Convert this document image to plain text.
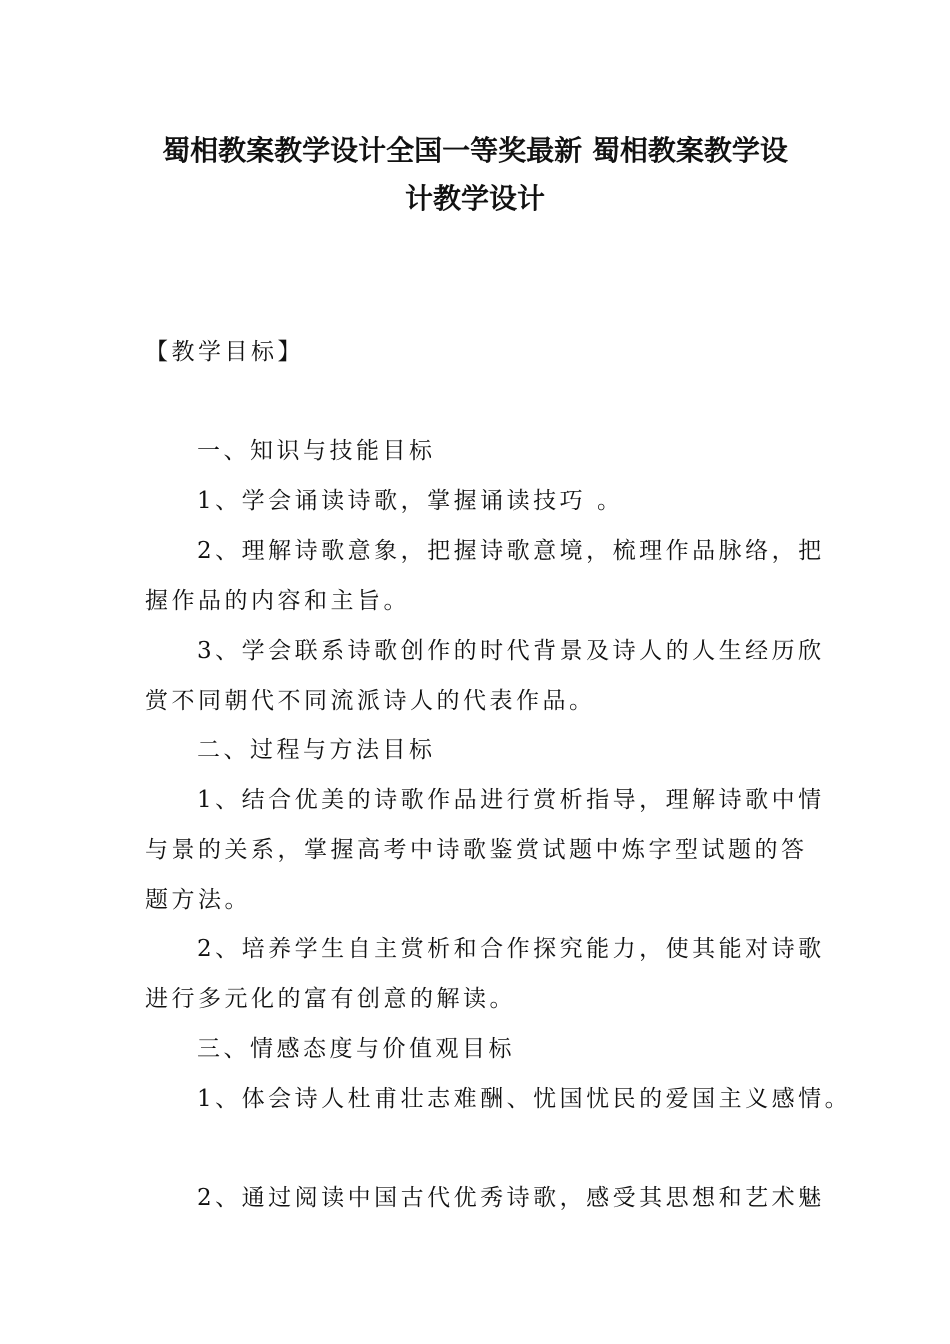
蜀相教案教学设计全国一等奖最新 蜀相教案教学设
计教学设计
【教学目标】
一、知识与技能目标
1、学会诵读诗歌，掌握诵读技巧 。
2、理解诗歌意象，把握诗歌意境，梳理作品脉络，把
握作品的内容和主旨。
3、学会联系诗歌创作的时代背景及诗人的人生经历欣
赏不同朝代不同流派诗人的代表作品。
二、过程与方法目标
1、结合优美的诗歌作品进行赏析指导，理解诗歌中情
与景的关系，掌握高考中诗歌鉴赏试题中炼字型试题的答
题方法。
2、培养学生自主赏析和合作探究能力，使其能对诗歌
进行多元化的富有创意的解读。
三、情感态度与价值观目标
1、体会诗人杜甫壮志难酬、忧国忧民的爱国主义感情。
2、通过阅读中国古代优秀诗歌，感受其思想和艺术魅
